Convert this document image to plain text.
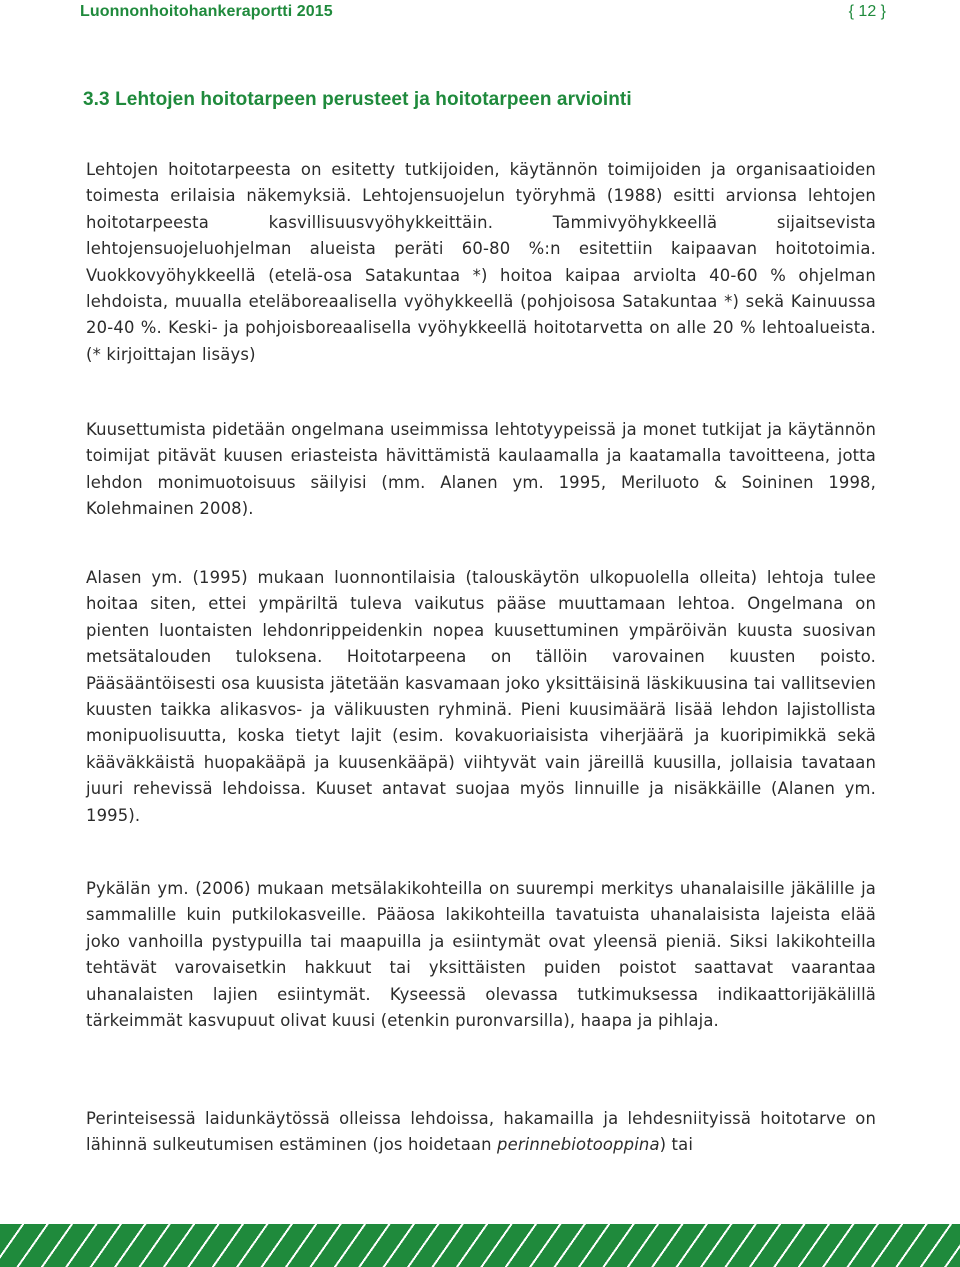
Luonnonhoitohankeraportti 2015	{ 12 }
3.3 Lehtojen hoitotarpeen perusteet ja hoitotarpeen arviointi

Lehtojen hoitotarpeesta on esitetty tutkijoiden, käytännön toimijoiden ja organisaatioiden toimesta erilaisia näkemyksiä. Lehtojensuojelun työryhmä (1988) esitti arvionsa lehtojen hoitotarpeesta kasvillisuusvyöhykkeittäin. Tammivyöhykkeellä sijaitsevista lehtojensuojeluohjelman alueista peräti 60-80 %:n esitettiin kaipaavan hoitotoimia. Vuokkovyöhykkeellä (etelä-osa Satakuntaa *) hoitoa kaipaa arviolta 40-60 % ohjelman lehdoista, muualla eteläboreaalisella vyöhykkeellä (pohjoisosa Satakuntaa *) sekä Kainuussa 20-40 %. Keski- ja pohjoisboreaalisella vyöhykkeellä hoitotarvetta on alle 20 % lehtoalueista. (* kirjoittajan lisäys)

Kuusettumista pidetään ongelmana useimmissa lehtotyypeissä ja monet tutkijat ja käytännön toimijat pitävät kuusen eriasteista hävittämistä kaulaamalla ja kaatamalla tavoitteena, jotta lehdon monimuotoisuus säilyisi (mm. Alanen ym. 1995, Meriluoto & Soininen 1998, Kolehmainen 2008).

Alasen ym. (1995) mukaan luonnontilaisia (talouskäytön ulkopuolella olleita) lehtoja tulee hoitaa siten, ettei ympäriltä tuleva vaikutus pääse muuttamaan lehtoa. Ongelmana on pienten luontaisten lehdonrippeidenkin nopea kuusettuminen ympäröivän kuusta suosivan metsätalouden tuloksena. Hoitotarpeena on tällöin varovainen kuusten poisto. Pääsääntöisesti osa kuusista jätetään kasvamaan joko yksittäisinä läskikuusina tai vallitsevien kuusten taikka alikasvos- ja välikuusten ryhminä. Pieni kuusimäärä lisää lehdon lajistollista monipuolisuutta, koska tietyt lajit (esim. kovakuoriaisista viherjäärä ja kuoripimikkä sekä kääväkkäistä huopakääpä ja kuusenkääpä) viihtyvät vain järeillä kuusilla, jollaisia tavataan juuri rehevissä lehdoissa. Kuuset antavat suojaa myös linnuille ja nisäkkäille (Alanen ym. 1995).

Pykälän ym. (2006) mukaan metsälakikohteilla on suurempi merkitys uhanalaisille jäkälille ja sammalille kuin putkilokasveille. Pääosa lakikohteilla tavatuista uhanalaisista lajeista elää joko vanhoilla pystypuilla tai maapuilla ja esiintymät ovat yleensä pieniä. Siksi lakikohteilla tehtävät varovaisetkin hakkuut tai yksittäisten puiden poistot saattavat vaarantaa uhanalaisten lajien esiintymät. Kyseessä olevassa tutkimuksessa indikaattorijäkälillä tärkeimmät kasvupuut olivat kuusi (etenkin puronvarsilla), haapa ja pihlaja.

Perinteisessä laidunkäytössä olleissa lehdoissa, hakamailla ja lehdesniityissä hoitotarve on lähinnä sulkeutumisen estäminen (jos hoidetaan perinnebiotooppina) tai
